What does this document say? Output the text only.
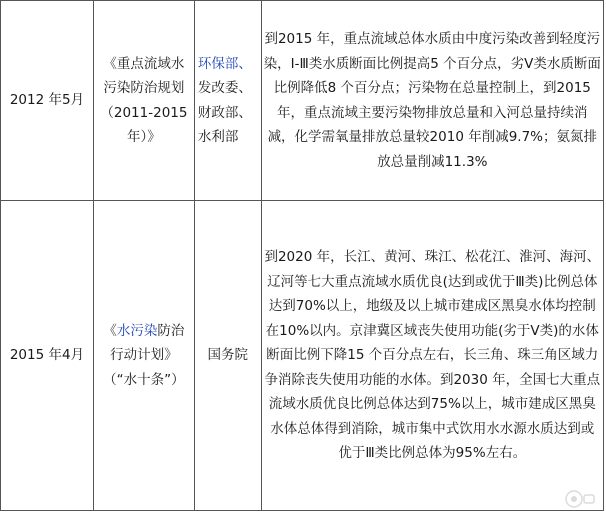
2012 年5月	《重点流域水污染防治规划（2011-2015年）》	环保部、发改委、财政部、水利部	到2015 年，重点流域总体水质由中度污染改善到轻度污染，Ⅰ-Ⅲ类水质断面比例提高5 个百分点，劣Ⅴ类水质断面比例降低8 个百分点；污染物在总量控制上，到2015 年，重点流域主要污染物排放总量和入河总量持续消减，化学需氧量排放总量较2010 年削减9.7%；氨氮排放总量削减11.3%

2015 年4月	《水污染防治行动计划》（“水十条”）	国务院	到2020 年，长江、黄河、珠江、松花江、淮河、海河、辽河等七大重点流域水质优良(达到或优于Ⅲ类)比例总体达到70%以上，地级及以上城市建成区黑臭水体均控制在10%以内。京津冀区域丧失使用功能(劣于Ⅴ类)的水体断面比例下降15 个百分点左右，长三角、珠三角区域力争消除丧失使用功能的水体。到2030 年，全国七大重点流域水质优良比例总体达到75%以上，城市建成区黑臭水体总体得到消除，城市集中式饮用水水源水质达到或优于Ⅲ类比例总体为95%左右。
